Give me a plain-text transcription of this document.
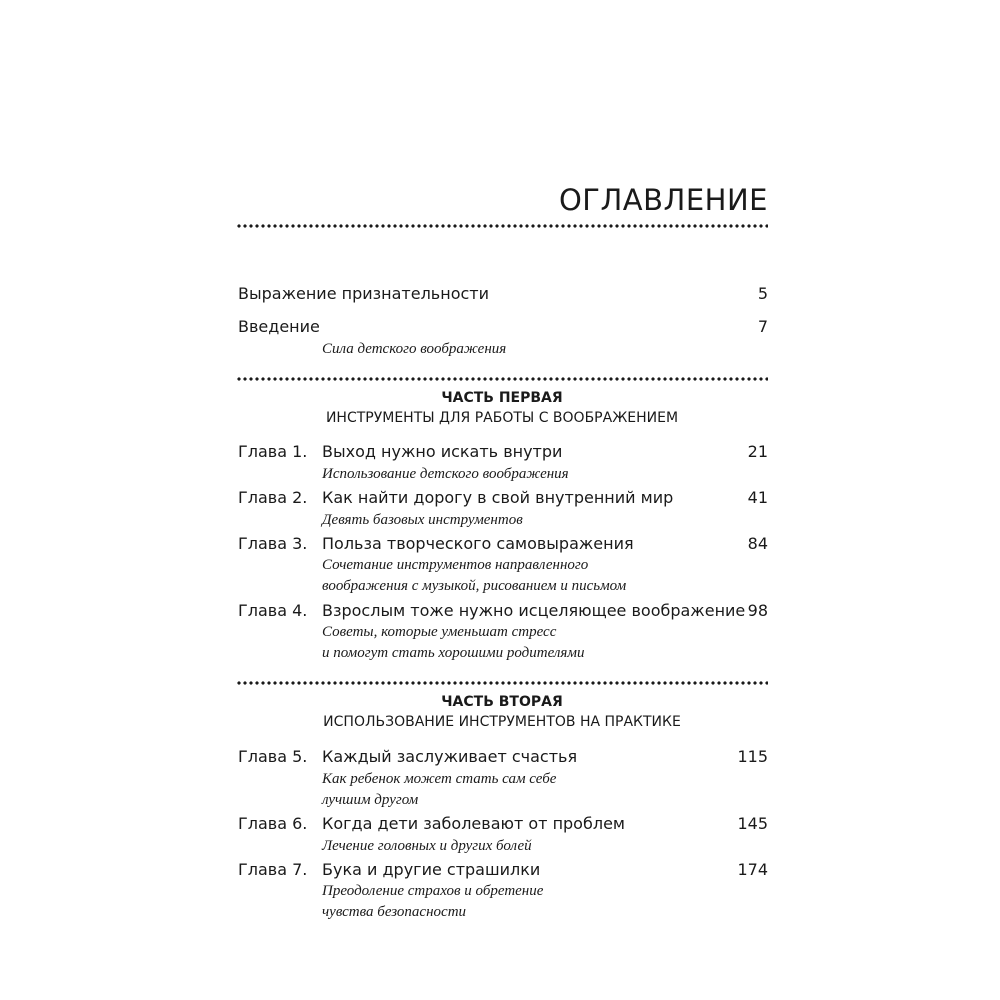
ОГЛАВЛЕНИЕ
Выражение признательности	5
Введение	7
Сила детского воображения
ЧАСТЬ ПЕРВАЯ
ИНСТРУМЕНТЫ ДЛЯ РАБОТЫ С ВООБРАЖЕНИЕМ
Глава 1. Выход нужно искать внутри	21
Использование детского воображения
Глава 2. Как найти дорогу в свой внутренний мир	41
Девять базовых инструментов
Глава 3. Польза творческого самовыражения	84
Сочетание инструментов направленного
воображения с музыкой, рисованием и письмом
Глава 4. Взрослым тоже нужно исцеляющее воображение 98
Советы, которые уменьшат стресс
и помогут стать хорошими родителями
ЧАСТЬ ВТОРАЯ
ИСПОЛЬЗОВАНИЕ ИНСТРУМЕНТОВ НА ПРАКТИКЕ
Глава 5. Каждый заслуживает счастья	115
Как ребенок может стать сам себе
лучшим другом
Глава 6. Когда дети заболевают от проблем	145
Лечение головных и других болей
Глава 7. Бука и другие страшилки	174
Преодоление страхов и обретение
чувства безопасности
